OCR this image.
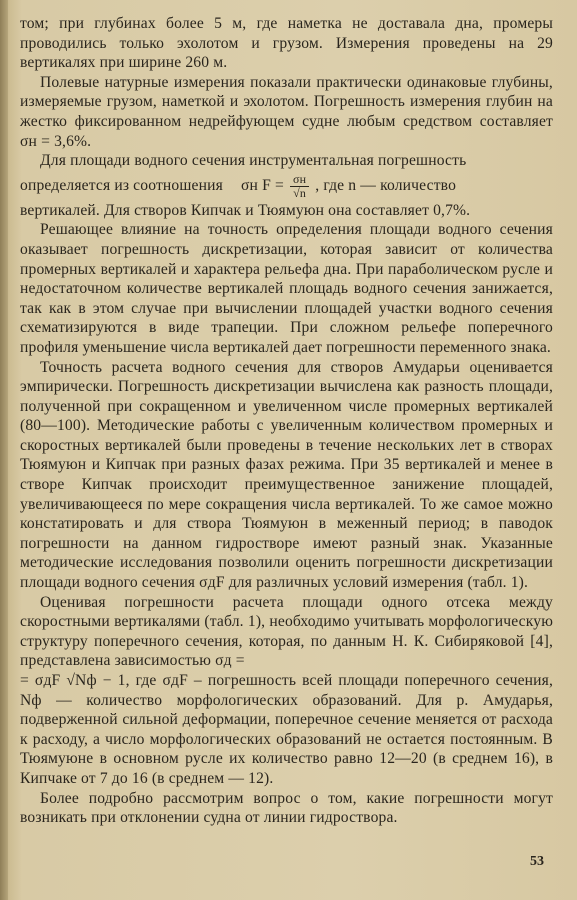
том; при глубинах более 5 м, где наметка не доставала дна, промеры проводились только эхолотом и грузом. Измерения проведены на 29 вертикалях при ширине 260 м.

Полевые натурные измерения показали практически одинаковые глубины, измеряемые грузом, наметкой и эхолотом. Погрешность измерения глубин на жестко фиксированном недрейфующем судне любым средством составляет σн = 3,6%.

Для площади водного сечения инструментальная погрешность

определяется из соотношения σн $F = \frac{\sigma н}{√n}$ , где n — количество

вертикалей. Для створов Кипчак и Тюямуюн она составляет 0,7%.

Решающее влияние на точность определения площади водного сечения оказывает погрешность дискретизации, которая зависит от количества промерных вертикалей и характера рельефа дна. При параболическом русле и недостаточном количестве вертикалей площадь водного сечения занижается, так как в этом случае при вычислении площадей участки водного сечения схематизируются в виде трапеции. При сложном рельефе поперечного профиля уменьшение числа вертикалей дает погрешности переменного знака.

Точность расчета водного сечения для створов Амударьи оценивается эмпирически. Погрешность дискретизации вычислена как разность площади, полученной при сокращенном и увеличенном числе промерных вертикалей (80—100). Методические работы с увеличенным количеством промерных и скоростных вертикалей были проведены в течение нескольких лет в створах Тюямуюн и Кипчак при разных фазах режима. При 35 вертикалей и менее в створе Кипчак происходит преимущественное занижение площадей, увеличивающееся по мере сокращения числа вертикалей. То же самое можно констатировать и для створа Тюямуюн в меженный период; в паводок погрешности на данном гидростворе имеют разный знак. Указанные методические исследования позволили оценить погрешности дискретизации площади водного сечения σдF для различных условий измерения (табл. 1).

Оценивая погрешности расчета площади одного отсека между скоростными вертикалями (табл. 1), необходимо учитывать морфологическую структуру поперечного сечения, которая, по данным Н. К. Сибиряковой [4], представлена зависимостью σд =

= σдF √Nф − 1, где σдF – погрешность всей площади поперечного сечения, Nф — количество морфологических образований. Для р. Амударья, подверженной сильной деформации, поперечное сечение меняется от расхода к расходу, а число морфологических образований не остается постоянным. В Тюямуюне в основном русле их количество равно 12—20 (в среднем 16), в Кипчаке от 7 до 16 (в среднем — 12).

Более подробно рассмотрим вопрос о том, какие погрешности могут возникать при отклонении судна от линии гидроствора.

53
